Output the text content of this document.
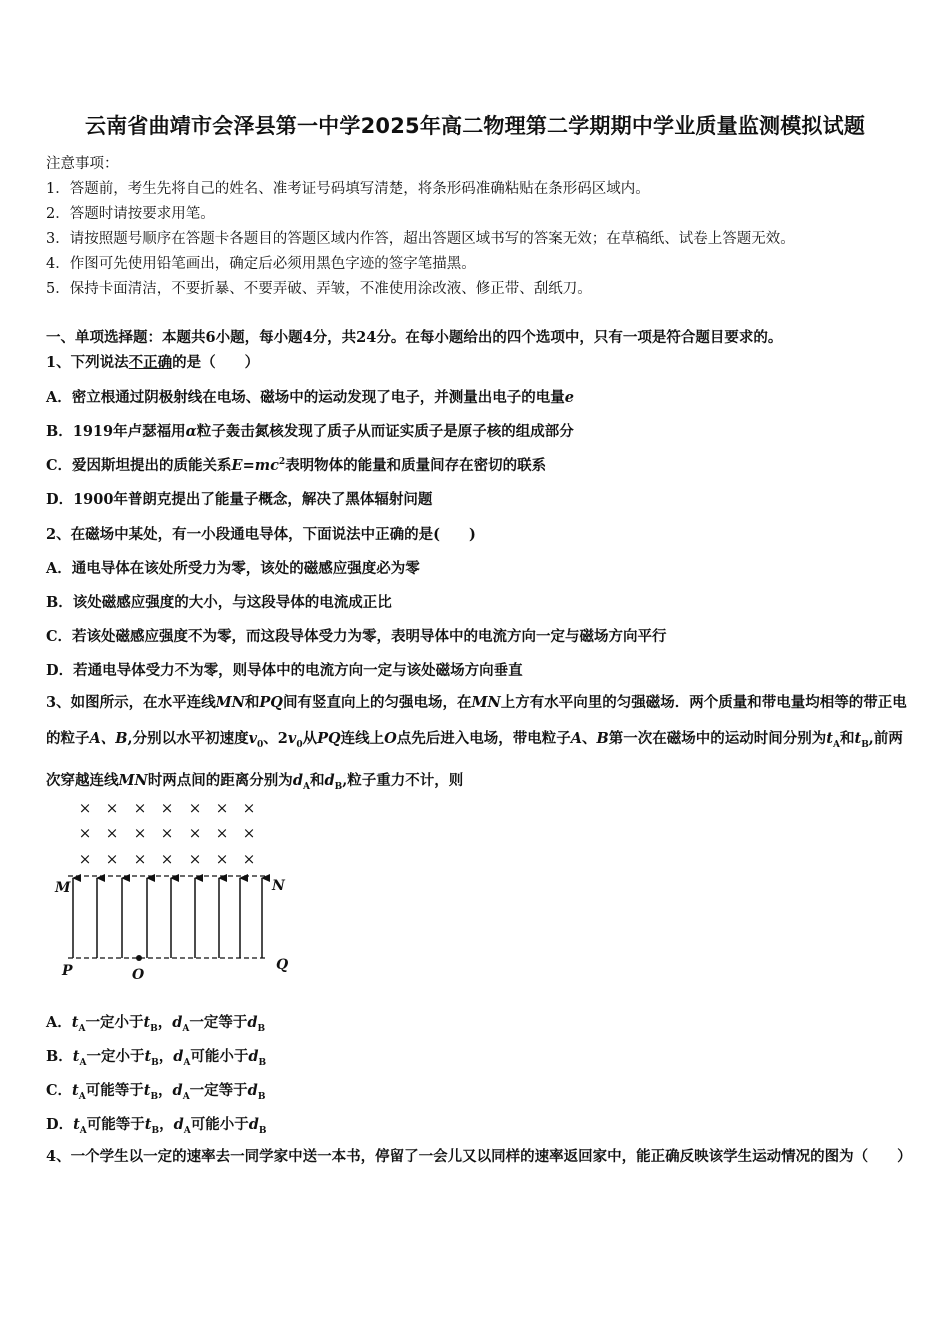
云南省曲靖市会泽县第一中学2025年高二物理第二学期期中学业质量监测模拟试题
注意事项：
1．答题前，考生先将自己的姓名、准考证号码填写清楚，将条形码准确粘贴在条形码区域内。
2．答题时请按要求用笔。
3．请按照题号顺序在答题卡各题目的答题区域内作答，超出答题区域书写的答案无效；在草稿纸、试卷上答题无效。
4．作图可先使用铅笔画出，确定后必须用黑色字迹的签字笔描黑。
5．保持卡面清洁，不要折暴、不要弄破、弄皱，不准使用涂改液、修正带、刮纸刀。
一、单项选择题：本题共6小题，每小题4分，共24分。在每小题给出的四个选项中，只有一项是符合题目要求的。
1、下列说法不正确的是（　　）
A．密立根通过阴极射线在电场、磁场中的运动发现了电子，并测量出电子的电量e
B．1919年卢瑟福用α粒子轰击氮核发现了质子从而证实质子是原子核的组成部分
C．爱因斯坦提出的质能关系$E=mc^2$表明物体的能量和质量间存在密切的联系
D．1900年普朗克提出了能量子概念，解决了黑体辐射问题
2、在磁场中某处，有一小段通电导体，下面说法中正确的是(　　)
A．通电导体在该处所受力为零，该处的磁感应强度必为零
B．该处磁感应强度的大小，与这段导体的电流成正比
C．若该处磁感应强度不为零，而这段导体受力为零，表明导体中的电流方向一定与磁场方向平行
D．若通电导体受力不为零，则导体中的电流方向一定与该处磁场方向垂直
3、如图所示，在水平连线MN和PQ间有竖直向上的匀强电场，在MN上方有水平向里的匀强磁场．两个质量和带电量均相等的带正电的粒子A、B,分别以水平初速度$v_0$、$2v_0$从PQ连线上O点先后进入电场，带电粒子A、B第一次在磁场中的运动时间分别为$t_A$和$t_B$,前两次穿越连线MN时两点间的距离分别为$d_A$和$d_B$,粒子重力不计，则
× × × × × × ×
× × × × × × ×
× × × × × × ×
M	N
P	O
Q
A．$t_A$一定小于$t_B$，$d_A$一定等于$d_B$
B．$t_A$一定小于$t_B$，$d_A$可能小于$d_B$
C．$t_A$可能等于$t_B$，$d_A$一定等于$d_B$
D．$t_A$可能等于$t_B$，$d_A$可能小于$d_B$
4、一个学生以一定的速率去一同学家中送一本书，停留了一会儿又以同样的速率返回家中，能正确反映该学生运动情况的图为（　　）
